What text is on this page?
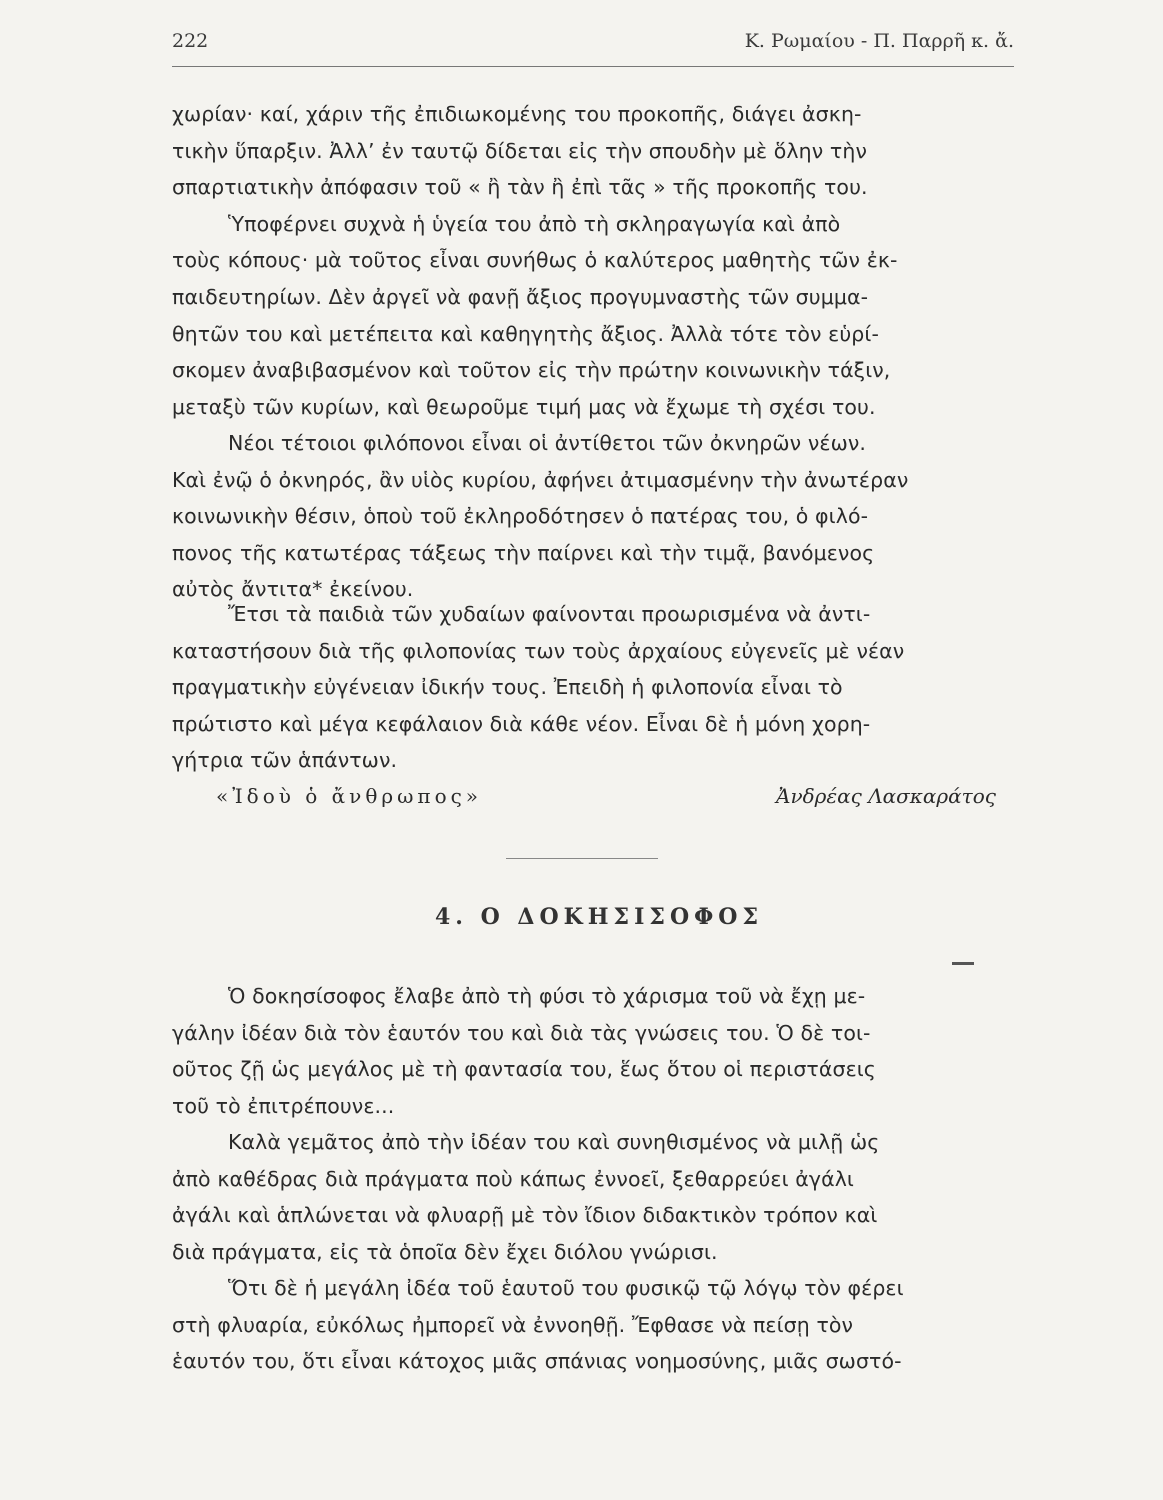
222	Κ. Ρωμαίου - Π. Παρρῆ κ. ἄ.
χωρίαν· καί, χάριν τῆς ἐπιδιωκομένης του προκοπῆς, διάγει ἀσκη-
τικὴν ὕπαρξιν. Ἀλλ’ ἐν ταυτῷ δίδεται εἰς τὴν σπουδὴν μὲ ὅλην τὴν
σπαρτιατικὴν ἀπόφασιν τοῦ « ἢ τὰν ἢ ἐπὶ τᾶς » τῆς προκοπῆς του.
Ὑποφέρνει συχνὰ ἡ ὑγεία του ἀπὸ τὴ σκληραγωγία καὶ ἀπὸ
τοὺς κόπους· μὰ τοῦτος εἶναι συνήθως ὁ καλύτερος μαθητὴς τῶν ἐκ-
παιδευτηρίων. Δὲν ἀργεῖ νὰ φανῇ ἄξιος προγυμναστὴς τῶν συμμα-
θητῶν του καὶ μετέπειτα καὶ καθηγητὴς ἄξιος. Ἀλλὰ τότε τὸν εὑρί-
σκομεν ἀναβιβασμένον καὶ τοῦτον εἰς τὴν πρώτην κοινωνικὴν τάξιν,
μεταξὺ τῶν κυρίων, καὶ θεωροῦμε τιμή μας νὰ ἔχωμε τὴ σχέσι του.
Νέοι τέτοιοι φιλόπονοι εἶναι οἱ ἀντίθετοι τῶν ὀκνηρῶν νέων.
Καὶ ἐνῷ ὁ ὀκνηρός, ἂν υἱὸς κυρίου, ἀφήνει ἀτιμασμένην τὴν ἀνωτέραν
κοινωνικὴν θέσιν, ὁποὺ τοῦ ἐκληροδότησεν ὁ πατέρας του, ὁ φιλό-
πονος τῆς κατωτέρας τάξεως τὴν παίρνει καὶ τὴν τιμᾷ, βανόμενος
αὐτὸς ἄντιτα* ἐκείνου.
Ἔτσι τὰ παιδιὰ τῶν χυδαίων φαίνονται προωρισμένα νὰ ἀντι-
καταστήσουν διὰ τῆς φιλοπονίας των τοὺς ἀρχαίους εὐγενεῖς μὲ νέαν
πραγματικὴν εὐγένειαν ἰδικήν τους. Ἐπειδὴ ἡ φιλοπονία εἶναι τὸ
πρώτιστο καὶ μέγα κεφάλαιον διὰ κάθε νέον. Εἶναι δὲ ἡ μόνη χορη-
γήτρια τῶν ἁπάντων.
«Ἰδοὺ ὁ ἄνθρωπος»	Ἀνδρέας Λασκαράτος
4. Ο ΔΟΚΗΣΙΣΟΦΟΣ
Ὁ δοκησίσοφος ἔλαβε ἀπὸ τὴ φύσι τὸ χάρισμα τοῦ νὰ ἔχῃ με-
γάλην ἰδέαν διὰ τὸν ἑαυτόν του καὶ διὰ τὰς γνώσεις του. Ὁ δὲ τοι-
οῦτος ζῇ ὡς μεγάλος μὲ τὴ φαντασία του, ἕως ὅτου οἱ περιστάσεις
τοῦ τὸ ἐπιτρέπουνε...
Καλὰ γεμᾶτος ἀπὸ τὴν ἰδέαν του καὶ συνηθισμένος νὰ μιλῇ ὡς
ἀπὸ καθέδρας διὰ πράγματα ποὺ κάπως ἐννοεῖ, ξεθαρρεύει ἀγάλι
ἀγάλι καὶ ἁπλώνεται νὰ φλυαρῇ μὲ τὸν ἴδιον διδακτικὸν τρόπον καὶ
διὰ πράγματα, εἰς τὰ ὁποῖα δὲν ἔχει διόλου γνώρισι.
Ὅτι δὲ ἡ μεγάλη ἰδέα τοῦ ἑαυτοῦ του φυσικῷ τῷ λόγῳ τὸν φέρει
στὴ φλυαρία, εὐκόλως ἠμπορεῖ νὰ ἐννοηθῇ. Ἔφθασε νὰ πείσῃ τὸν
ἑαυτόν του, ὅτι εἶναι κάτοχος μιᾶς σπάνιας νοημοσύνης, μιᾶς σωστό-
